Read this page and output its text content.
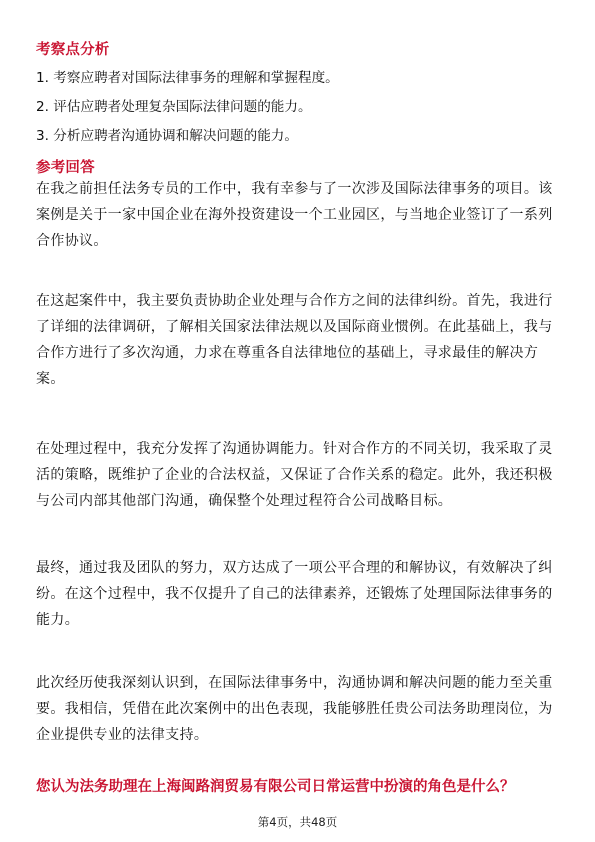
考察点分析
1. 考察应聘者对国际法律事务的理解和掌握程度。
2. 评估应聘者处理复杂国际法律问题的能力。
3. 分析应聘者沟通协调和解决问题的能力。
参考回答
在我之前担任法务专员的工作中，我有幸参与了一次涉及国际法律事务的项目。该
案例是关于一家中国企业在海外投资建设一个工业园区，与当地企业签订了一系列
合作协议。
在这起案件中，我主要负责协助企业处理与合作方之间的法律纠纷。首先，我进行
了详细的法律调研，了解相关国家法律法规以及国际商业惯例。在此基础上，我与
合作方进行了多次沟通，力求在尊重各自法律地位的基础上，寻求最佳的解决方
案。
在处理过程中，我充分发挥了沟通协调能力。针对合作方的不同关切，我采取了灵
活的策略，既维护了企业的合法权益，又保证了合作关系的稳定。此外，我还积极
与公司内部其他部门沟通，确保整个处理过程符合公司战略目标。
最终，通过我及团队的努力，双方达成了一项公平合理的和解协议，有效解决了纠
纷。在这个过程中，我不仅提升了自己的法律素养，还锻炼了处理国际法律事务的
能力。
此次经历使我深刻认识到，在国际法律事务中，沟通协调和解决问题的能力至关重
要。我相信，凭借在此次案例中的出色表现，我能够胜任贵公司法务助理岗位，为
企业提供专业的法律支持。
您认为法务助理在上海闽路润贸易有限公司日常运营中扮演的角色是什么？
第4页，共48页
